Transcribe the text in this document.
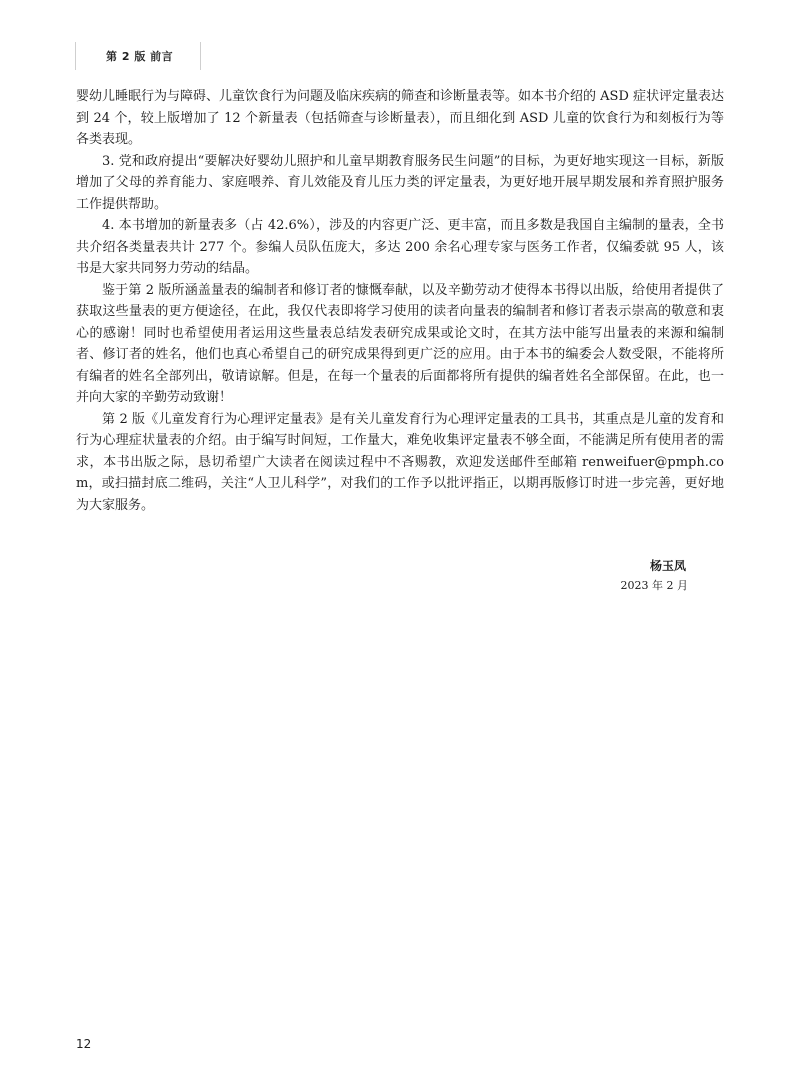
第 2 版 前言

婴幼儿睡眠行为与障碍、儿童饮食行为问题及临床疾病的筛查和诊断量表等。如本书介绍的 ASD 症状评定量表达到 24 个，较上版增加了 12 个新量表（包括筛查与诊断量表），而且细化到 ASD 儿童的饮食行为和刻板行为等各类表现。

3. 党和政府提出“要解决好婴幼儿照护和儿童早期教育服务民生问题”的目标，为更好地实现这一目标，新版增加了父母的养育能力、家庭喂养、育儿效能及育儿压力类的评定量表，为更好地开展早期发展和养育照护服务工作提供帮助。

4. 本书增加的新量表多（占 42.6%），涉及的内容更广泛、更丰富，而且多数是我国自主编制的量表，全书共介绍各类量表共计 277 个。参编人员队伍庞大，多达 200 余名心理专家与医务工作者，仅编委就 95 人，该书是大家共同努力劳动的结晶。

鉴于第 2 版所涵盖量表的编制者和修订者的慷慨奉献，以及辛勤劳动才使得本书得以出版，给使用者提供了获取这些量表的更方便途径，在此，我仅代表即将学习使用的读者向量表的编制者和修订者表示崇高的敬意和衷心的感谢！同时也希望使用者运用这些量表总结发表研究成果或论文时，在其方法中能写出量表的来源和编制者、修订者的姓名，他们也真心希望自己的研究成果得到更广泛的应用。由于本书的编委会人数受限，不能将所有编者的姓名全部列出，敬请谅解。但是，在每一个量表的后面都将所有提供的编者姓名全部保留。在此，也一并向大家的辛勤劳动致谢！

第 2 版《儿童发育行为心理评定量表》是有关儿童发育行为心理评定量表的工具书，其重点是儿童的发育和行为心理症状量表的介绍。由于编写时间短，工作量大，难免收集评定量表不够全面，不能满足所有使用者的需求，本书出版之际，恳切希望广大读者在阅读过程中不吝赐教，欢迎发送邮件至邮箱 renweifuer@pmph.com，或扫描封底二维码，关注“人卫儿科学”，对我们的工作予以批评指正，以期再版修订时进一步完善，更好地为大家服务。

杨玉凤
2023 年 2 月
12
